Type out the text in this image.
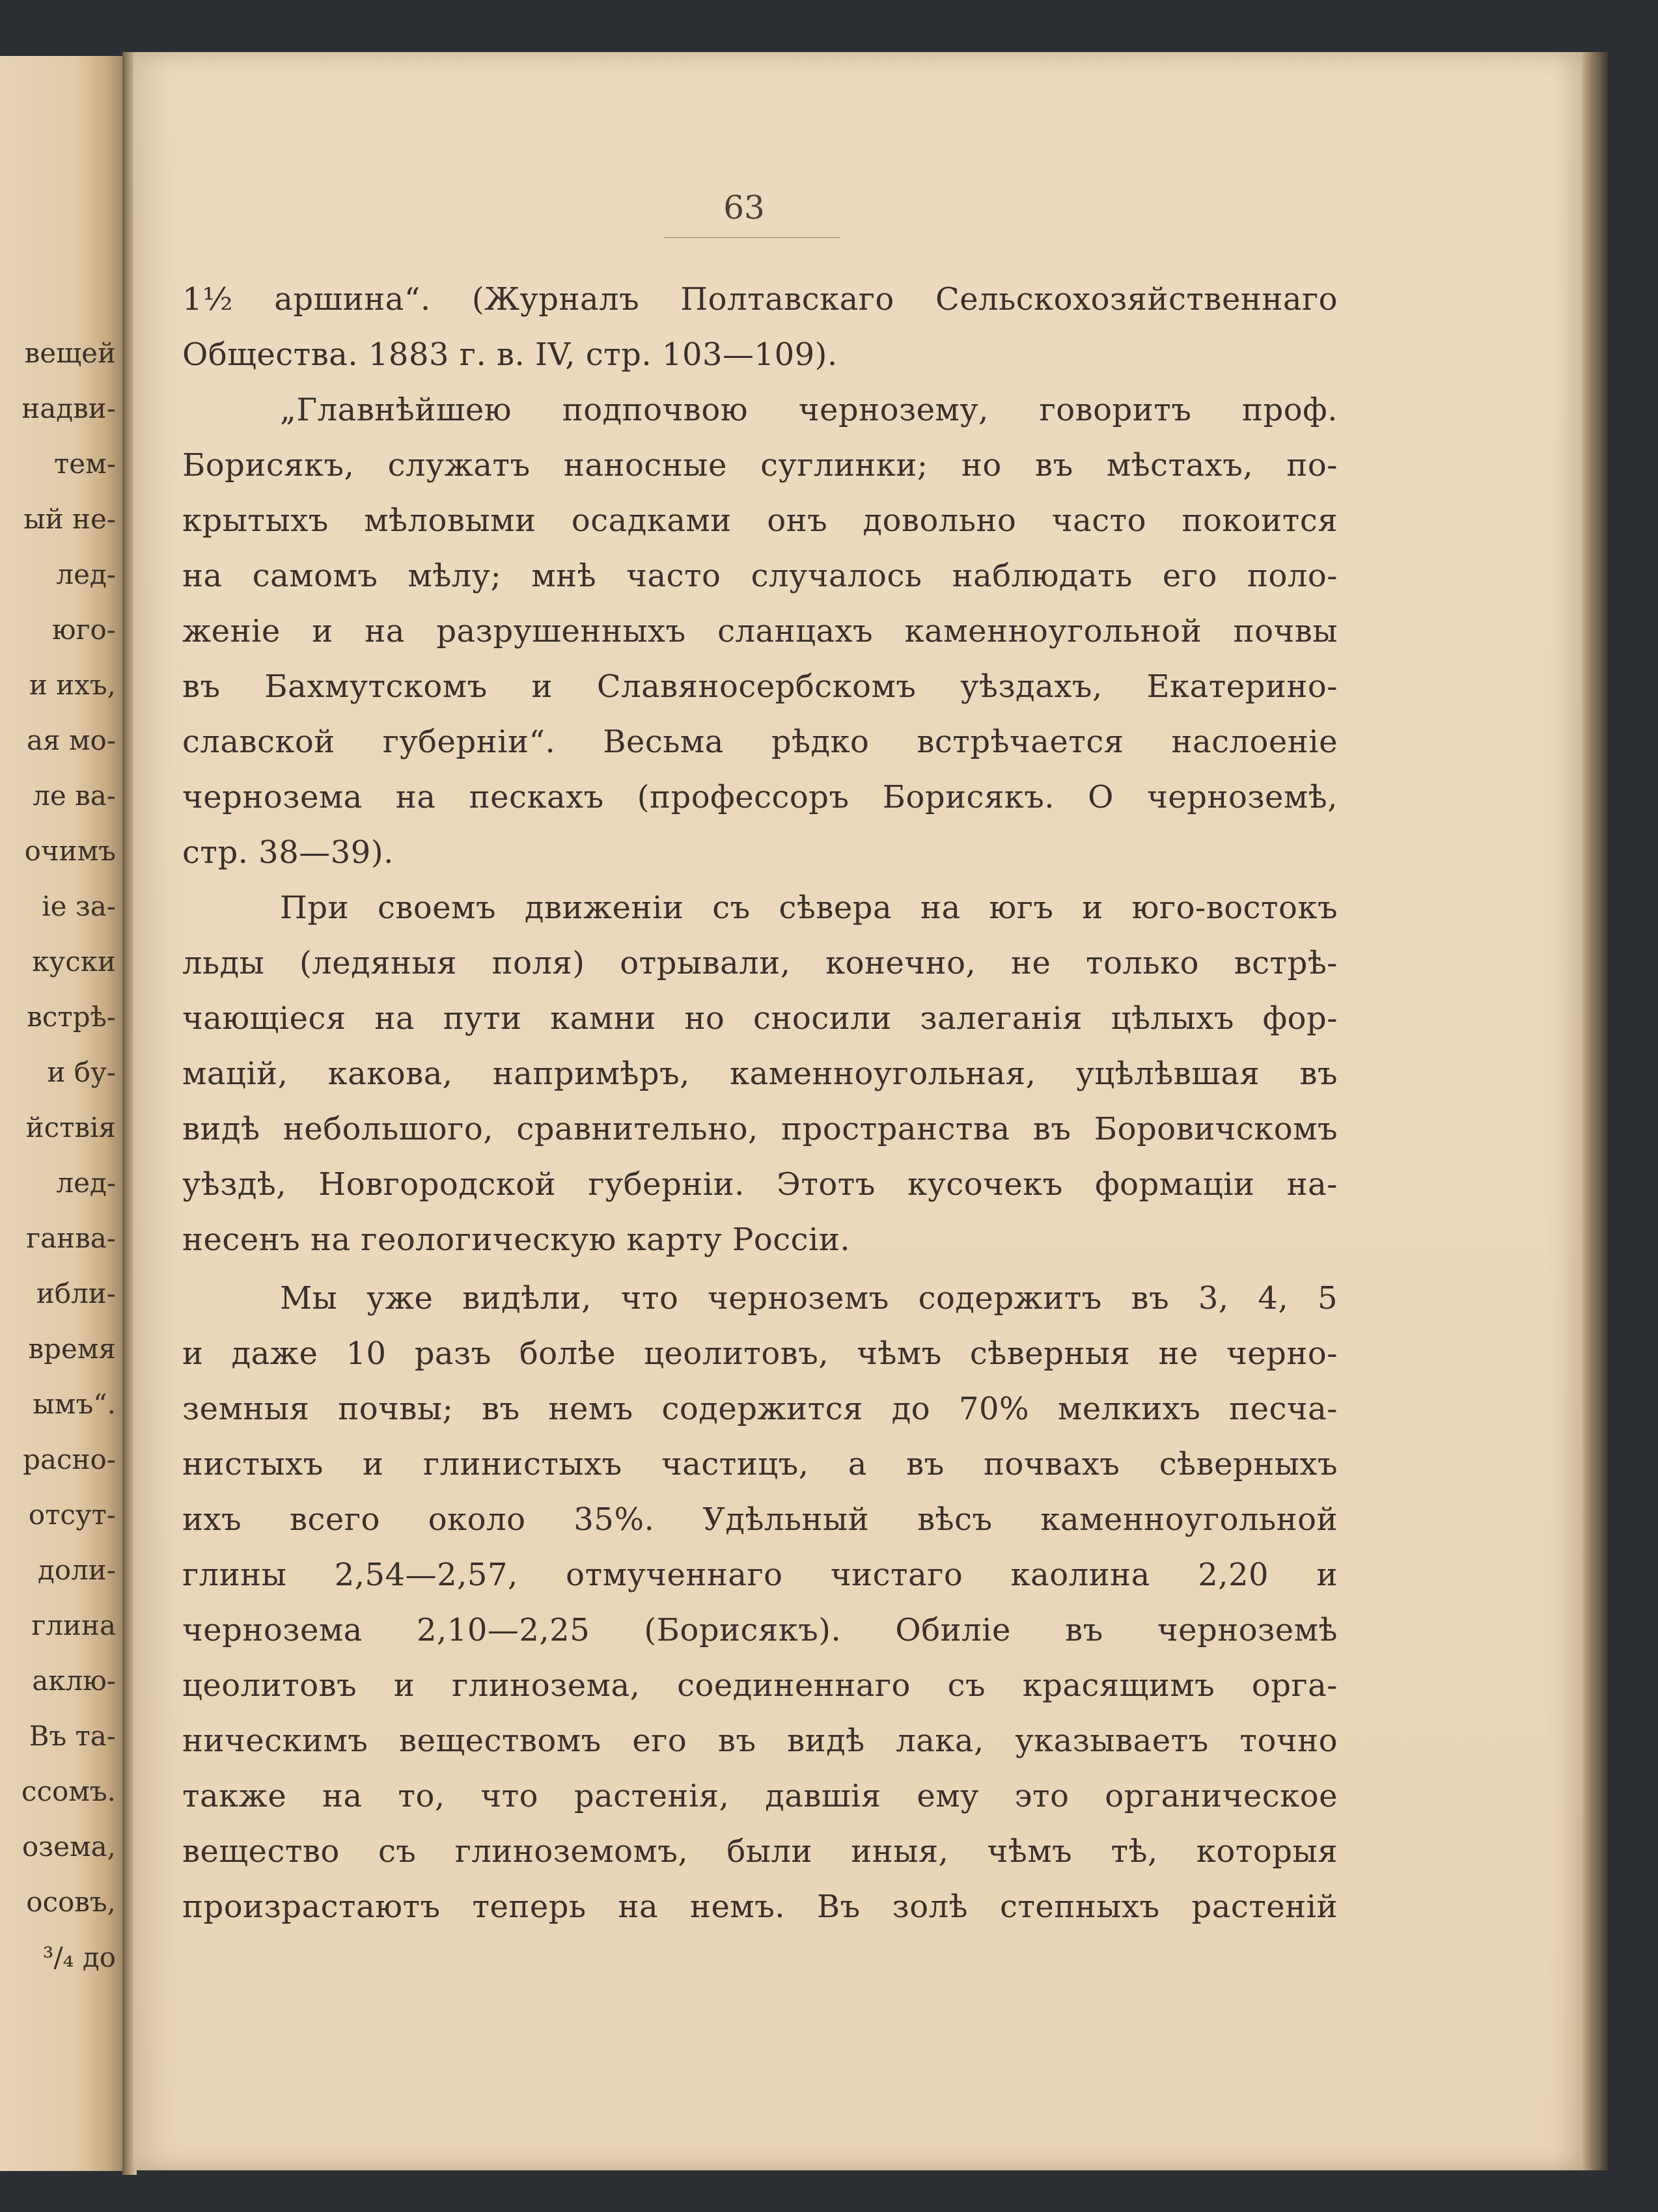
вещей
надви-
тем-
ый не-
лед-
юго-
и ихъ,
ая мо-
ле ва-
очимъ
іе за-
куски
встрѣ-
и бу-
йствія
лед-
ганва-
ибли-
время
ымъ“.
расно-
отсут-
доли-
глина
аклю-
Въ та-
ссомъ.
озема,
осовъ,
³/₄ до
63
1½ аршина“. (Журналъ Полтавскаго Сельскохозяйственнаго
Общества. 1883 г. в. IV, стр. 103—109).
„Главнѣйшею подпочвою чернозему, говоритъ проф.
Борисякъ, служатъ наносные суглинки; но въ мѣстахъ, по-
крытыхъ мѣловыми осадками онъ довольно часто покоится
на самомъ мѣлу; мнѣ часто случалось наблюдать его поло-
женіе и на разрушенныхъ сланцахъ каменноугольной почвы
въ Бахмутскомъ и Славяносербскомъ уѣздахъ, Екатерино-
славской губерніи“. Весьма рѣдко встрѣчается наслоеніе
чернозема на пескахъ (профессоръ Борисякъ. О черноземѣ,
стр. 38—39).
При своемъ движеніи съ сѣвера на югъ и юго-востокъ
льды (ледяныя поля) отрывали, конечно, не только встрѣ-
чающіеся на пути камни но сносили залеганія цѣлыхъ фор-
мацій, какова, напримѣръ, каменноугольная, уцѣлѣвшая въ
видѣ небольшого, сравнительно, пространства въ Боровичскомъ
уѣздѣ, Новгородской губерніи. Этотъ кусочекъ формаціи на-
несенъ на геологическую карту Россіи.
Мы уже видѣли, что черноземъ содержитъ въ 3, 4, 5
и даже 10 разъ болѣе цеолитовъ, чѣмъ сѣверныя не черно-
земныя почвы; въ немъ содержится до 70% мелкихъ песча-
нистыхъ и глинистыхъ частицъ, а въ почвахъ сѣверныхъ
ихъ всего около 35%. Удѣльный вѣсъ каменноугольной
глины 2,54—2,57, отмученнаго чистаго каолина 2,20 и
чернозема 2,10—2,25 (Борисякъ). Обиліе въ черноземѣ
цеолитовъ и глинозема, соединеннаго съ красящимъ орга-
ническимъ веществомъ его въ видѣ лака, указываетъ точно
также на то, что растенія, давшія ему это органическое
вещество съ глиноземомъ, были иныя, чѣмъ тѣ, которыя
произрастаютъ теперь на немъ. Въ золѣ степныхъ растеній
